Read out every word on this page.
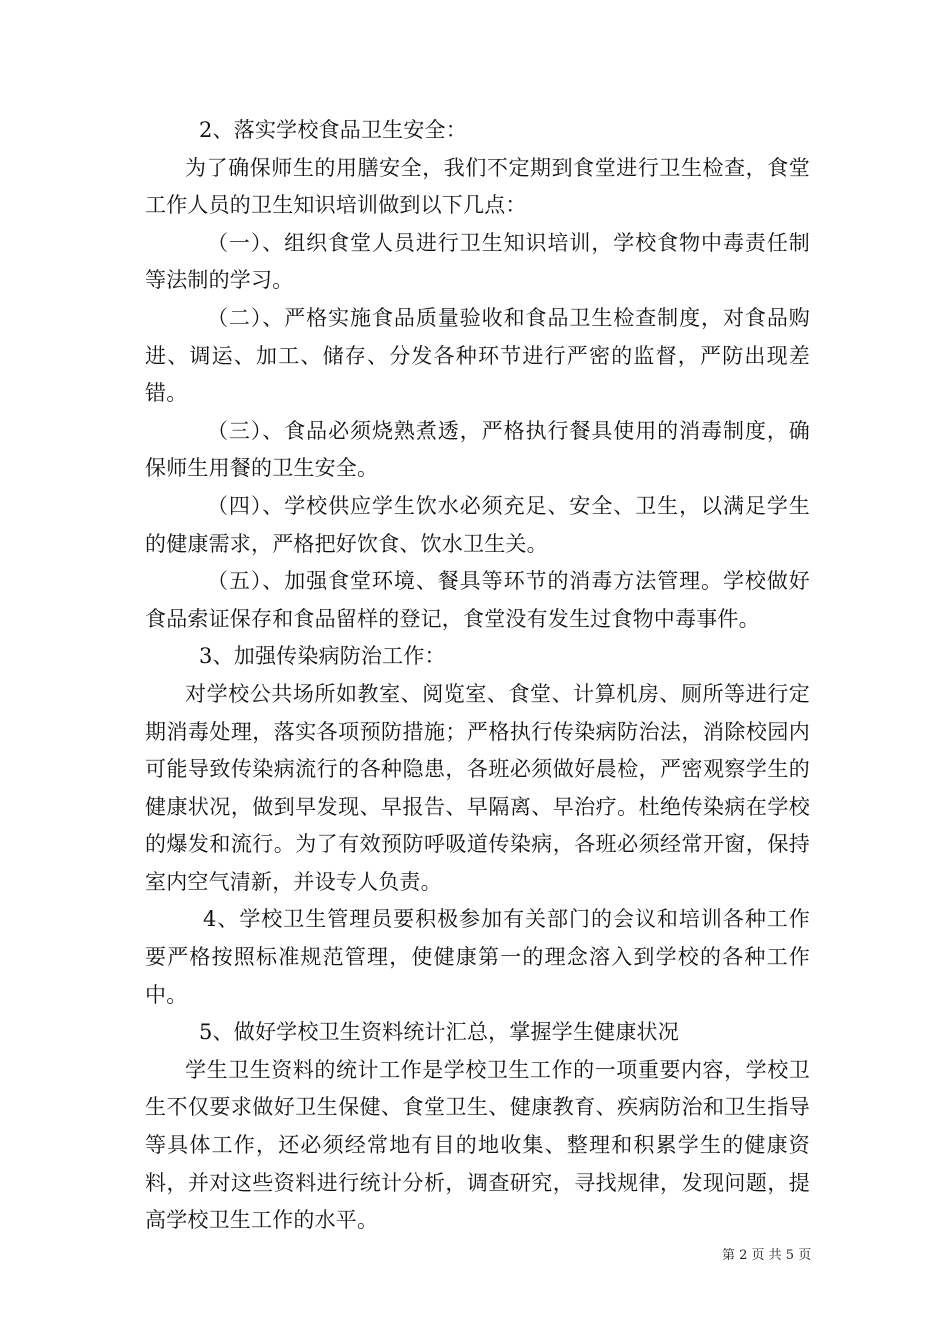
2、落实学校食品卫生安全：

为了确保师生的用膳安全，我们不定期到食堂进行卫生检查，食堂工作人员的卫生知识培训做到以下几点：

（一）、组织食堂人员进行卫生知识培训，学校食物中毒责任制等法制的学习。

（二）、严格实施食品质量验收和食品卫生检查制度，对食品购进、调运、加工、储存、分发各种环节进行严密的监督，严防出现差错。

（三）、食品必须烧熟煮透，严格执行餐具使用的消毒制度，确保师生用餐的卫生安全。

（四）、学校供应学生饮水必须充足、安全、卫生，以满足学生的健康需求，严格把好饮食、饮水卫生关。

（五）、加强食堂环境、餐具等环节的消毒方法管理。学校做好食品索证保存和食品留样的登记，食堂没有发生过食物中毒事件。

3、加强传染病防治工作：

对学校公共场所如教室、阅览室、食堂、计算机房、厕所等进行定期消毒处理，落实各项预防措施；严格执行传染病防治法，消除校园内可能导致传染病流行的各种隐患，各班必须做好晨检，严密观察学生的健康状况，做到早发现、早报告、早隔离、早治疗。杜绝传染病在学校的爆发和流行。为了有效预防呼吸道传染病，各班必须经常开窗，保持室内空气清新，并设专人负责。

4、学校卫生管理员要积极参加有关部门的会议和培训各种工作要严格按照标准规范管理，使健康第一的理念溶入到学校的各种工作中。

5、做好学校卫生资料统计汇总，掌握学生健康状况

学生卫生资料的统计工作是学校卫生工作的一项重要内容，学校卫生不仅要求做好卫生保健、食堂卫生、健康教育、疾病防治和卫生指导等具体工作，还必须经常地有目的地收集、整理和积累学生的健康资料，并对这些资料进行统计分析，调查研究，寻找规律，发现问题，提高学校卫生工作的水平。

第 2 页 共 5 页
